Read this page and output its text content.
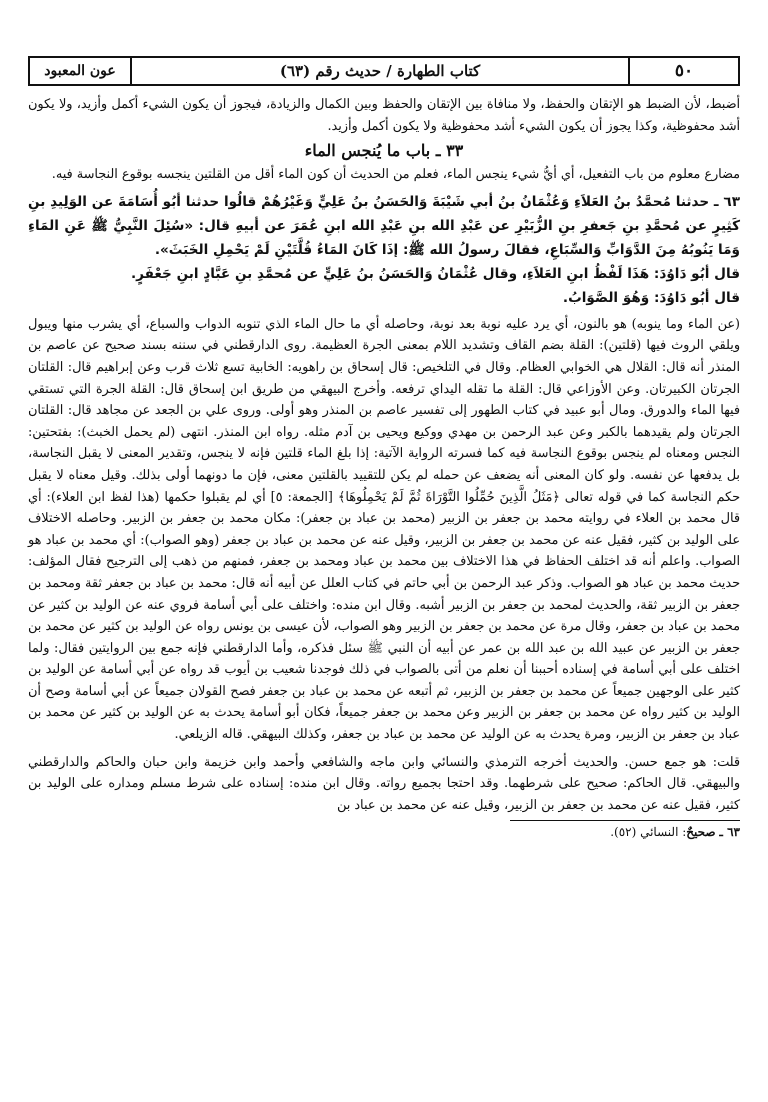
٥٠
كتاب الطهارة / حديث رقم (٦٣)
عون المعبود

أضبط، لأن الضبط هو الإتقان والحفظ، ولا منافاة بين الإتقان والحفظ وبين الكمال والزيادة، فيجوز أن يكون الشيء أكمل وأزيد، ولا يكون أشد محفوظية، وكذا يجوز أن يكون الشيء أشد محفوظية ولا يكون أكمل وأزيد.

٣٣ ـ باب ما يُنجس الماء

مضارع معلوم من باب التفعيل، أي أيُّ شيء ينجس الماء، فعلم من الحديث أن كون الماء أقل من القلتين ينجسه بوقوع النجاسة فيه.

٦٣ ـ حدثنا مُحمَّدُ بنُ العَلاَءِ وَعُثْمَانُ بنُ أبي شَيْبَةَ وَالحَسَنُ بنُ عَلِيٍّ وَغَيْرُهُمْ قالُوا حدثنا أبُو أُسَامَةَ عن الوَلِيدِ بنِ كَثِيرٍ عن مُحمَّدِ بنِ جَعفرِ بنِ الزُّبَيْرِ عن عَبْدِ الله بنِ عَبْدِ الله ابنِ عُمَرَ عن أبيهِ قال: «سُئِلَ النَّبِيُّ ﷺ عَنِ المَاءِ وَمَا يَنُوبُهُ مِنَ الدَّوَابِّ وَالسِّبَاعِ، فقالَ رسولُ الله ﷺ: إذَا كَانَ المَاءُ قُلَّتَيْنِ لَمْ يَحْمِلِ الخَبَثَ».

قال أبُو دَاوُدَ: هَذَا لَفْظُ ابنِ العَلاَءِ، وقال عُثْمَانُ وَالحَسَنُ بنُ عَلِيٍّ عن مُحمَّدِ بنِ عَبَّادٍ ابنِ جَعْفَرٍ.

قال أبُو دَاوُدَ: وَهُوَ الصَّوَابُ.

(عن الماء وما ينوبه) هو بالنون، أي يرد عليه نوبة بعد نوبة، وحاصله أي ما حال الماء الذي تنوبه الدواب والسباع، أي يشرب منها ويبول ويلقي الروث فيها (قلتين): القلة بضم القاف وتشديد اللام بمعنى الجرة العظيمة. روى الدارقطني في سننه بسند صحيح عن عاصم بن المنذر أنه قال: القلال هي الخوابي العظام. وقال في التلخيص: قال إسحاق بن راهويه: الخابية تسع ثلاث قرب وعن إبراهيم قال: القلتان الجرتان الكبيرتان. وعن الأوزاعي قال: القلة ما تقله اليداي ترفعه. وأخرج البيهقي من طريق ابن إسحاق قال: القلة الجرة التي تستقي فيها الماء والدورق. ومال أبو عبيد في كتاب الطهور إلى تفسير عاصم بن المنذر وهو أولى. وروى علي بن الجعد عن مجاهد قال: القلتان الجرتان ولم يقيدهما بالكبر وعن عبد الرحمن بن مهدي ووكيع ويحيى بن آدم مثله. رواه ابن المنذر. انتهى (لم يحمل الخبث): بفتحتين: النجس ومعناه لم ينجس بوقوع النجاسة فيه كما فسرته الرواية الآتية: إذا بلغ الماء قلتين فإنه لا ينجس، وتقدير المعنى لا يقبل النجاسة، بل يدفعها عن نفسه. ولو كان المعنى أنه يضعف عن حمله لم يكن للتقييد بالقلتين معنى، فإن ما دونهما أولى بذلك. وقيل معناه لا يقبل حكم النجاسة كما في قوله تعالى ﴿مَثَلُ الَّذِينَ حُمِّلُوا التَّوْرَاةَ ثُمَّ لَمْ يَحْمِلُوهَا﴾ [الجمعة: ٥] أي لم يقبلوا حكمها (هذا لفظ ابن العلاء): أي قال محمد بن العلاء في روايته محمد بن جعفر بن الزبير (محمد بن عباد بن جعفر): مكان محمد بن جعفر بن الزبير. وحاصله الاختلاف على الوليد بن كثير، فقيل عنه عن محمد بن جعفر بن الزبير، وقيل عنه عن محمد بن عباد بن جعفر (وهو الصواب): أي محمد بن عباد هو الصواب. واعلم أنه قد اختلف الحفاظ في هذا الاختلاف بين محمد بن عباد ومحمد بن جعفر، فمنهم من ذهب إلى الترجيح فقال المؤلف: حديث محمد بن عباد هو الصواب. وذكر عبد الرحمن بن أبي حاتم في كتاب العلل عن أبيه أنه قال: محمد بن عباد بن جعفر ثقة ومحمد بن جعفر بن الزبير ثقة، والحديث لمحمد بن جعفر بن الزبير أشبه. وقال ابن منده: واختلف على أبي أسامة فروي عنه عن الوليد بن كثير عن محمد بن عباد بن جعفر، وقال مرة عن محمد بن جعفر بن الزبير وهو الصواب، لأن عيسى بن يونس رواه عن الوليد بن كثير عن محمد بن جعفر بن الزبير عن عبيد الله بن عبد الله بن عمر عن أبيه أن النبي ﷺ سئل فذكره، وأما الدارقطني فإنه جمع بين الروايتين فقال: ولما اختلف على أبي أسامة في إسناده أحببنا أن نعلم من أتى بالصواب في ذلك فوجدنا شعيب بن أيوب قد رواه عن أبي أسامة عن الوليد بن كثير على الوجهين جميعاً عن محمد بن جعفر بن الزبير، ثم أتبعه عن محمد بن عباد بن جعفر فصح القولان جميعاً عن أبي أسامة وصح أن الوليد بن كثير رواه عن محمد بن جعفر بن الزبير وعن محمد بن جعفر جميعاً، فكان أبو أسامة يحدث به عن الوليد بن كثير عن محمد بن عباد بن جعفر بن الزبير، ومرة يحدث به عن الوليد عن محمد بن عباد بن جعفر، وكذلك البيهقي. قاله الزيلعي.

قلت: هو جمع حسن. والحديث أخرجه الترمذي والنسائي وابن ماجه والشافعي وأحمد وابن خزيمة وابن حبان والحاكم والدارقطني والبيهقي. قال الحاكم: صحيح على شرطهما. وقد احتجا بجميع رواته. وقال ابن منده: إسناده على شرط مسلم ومداره على الوليد بن كثير، فقيل عنه عن محمد بن جعفر بن الزبير، وقيل عنه عن محمد بن عباد بن

٦٣ ـ صحيحٌ: النسائي (٥٢).
